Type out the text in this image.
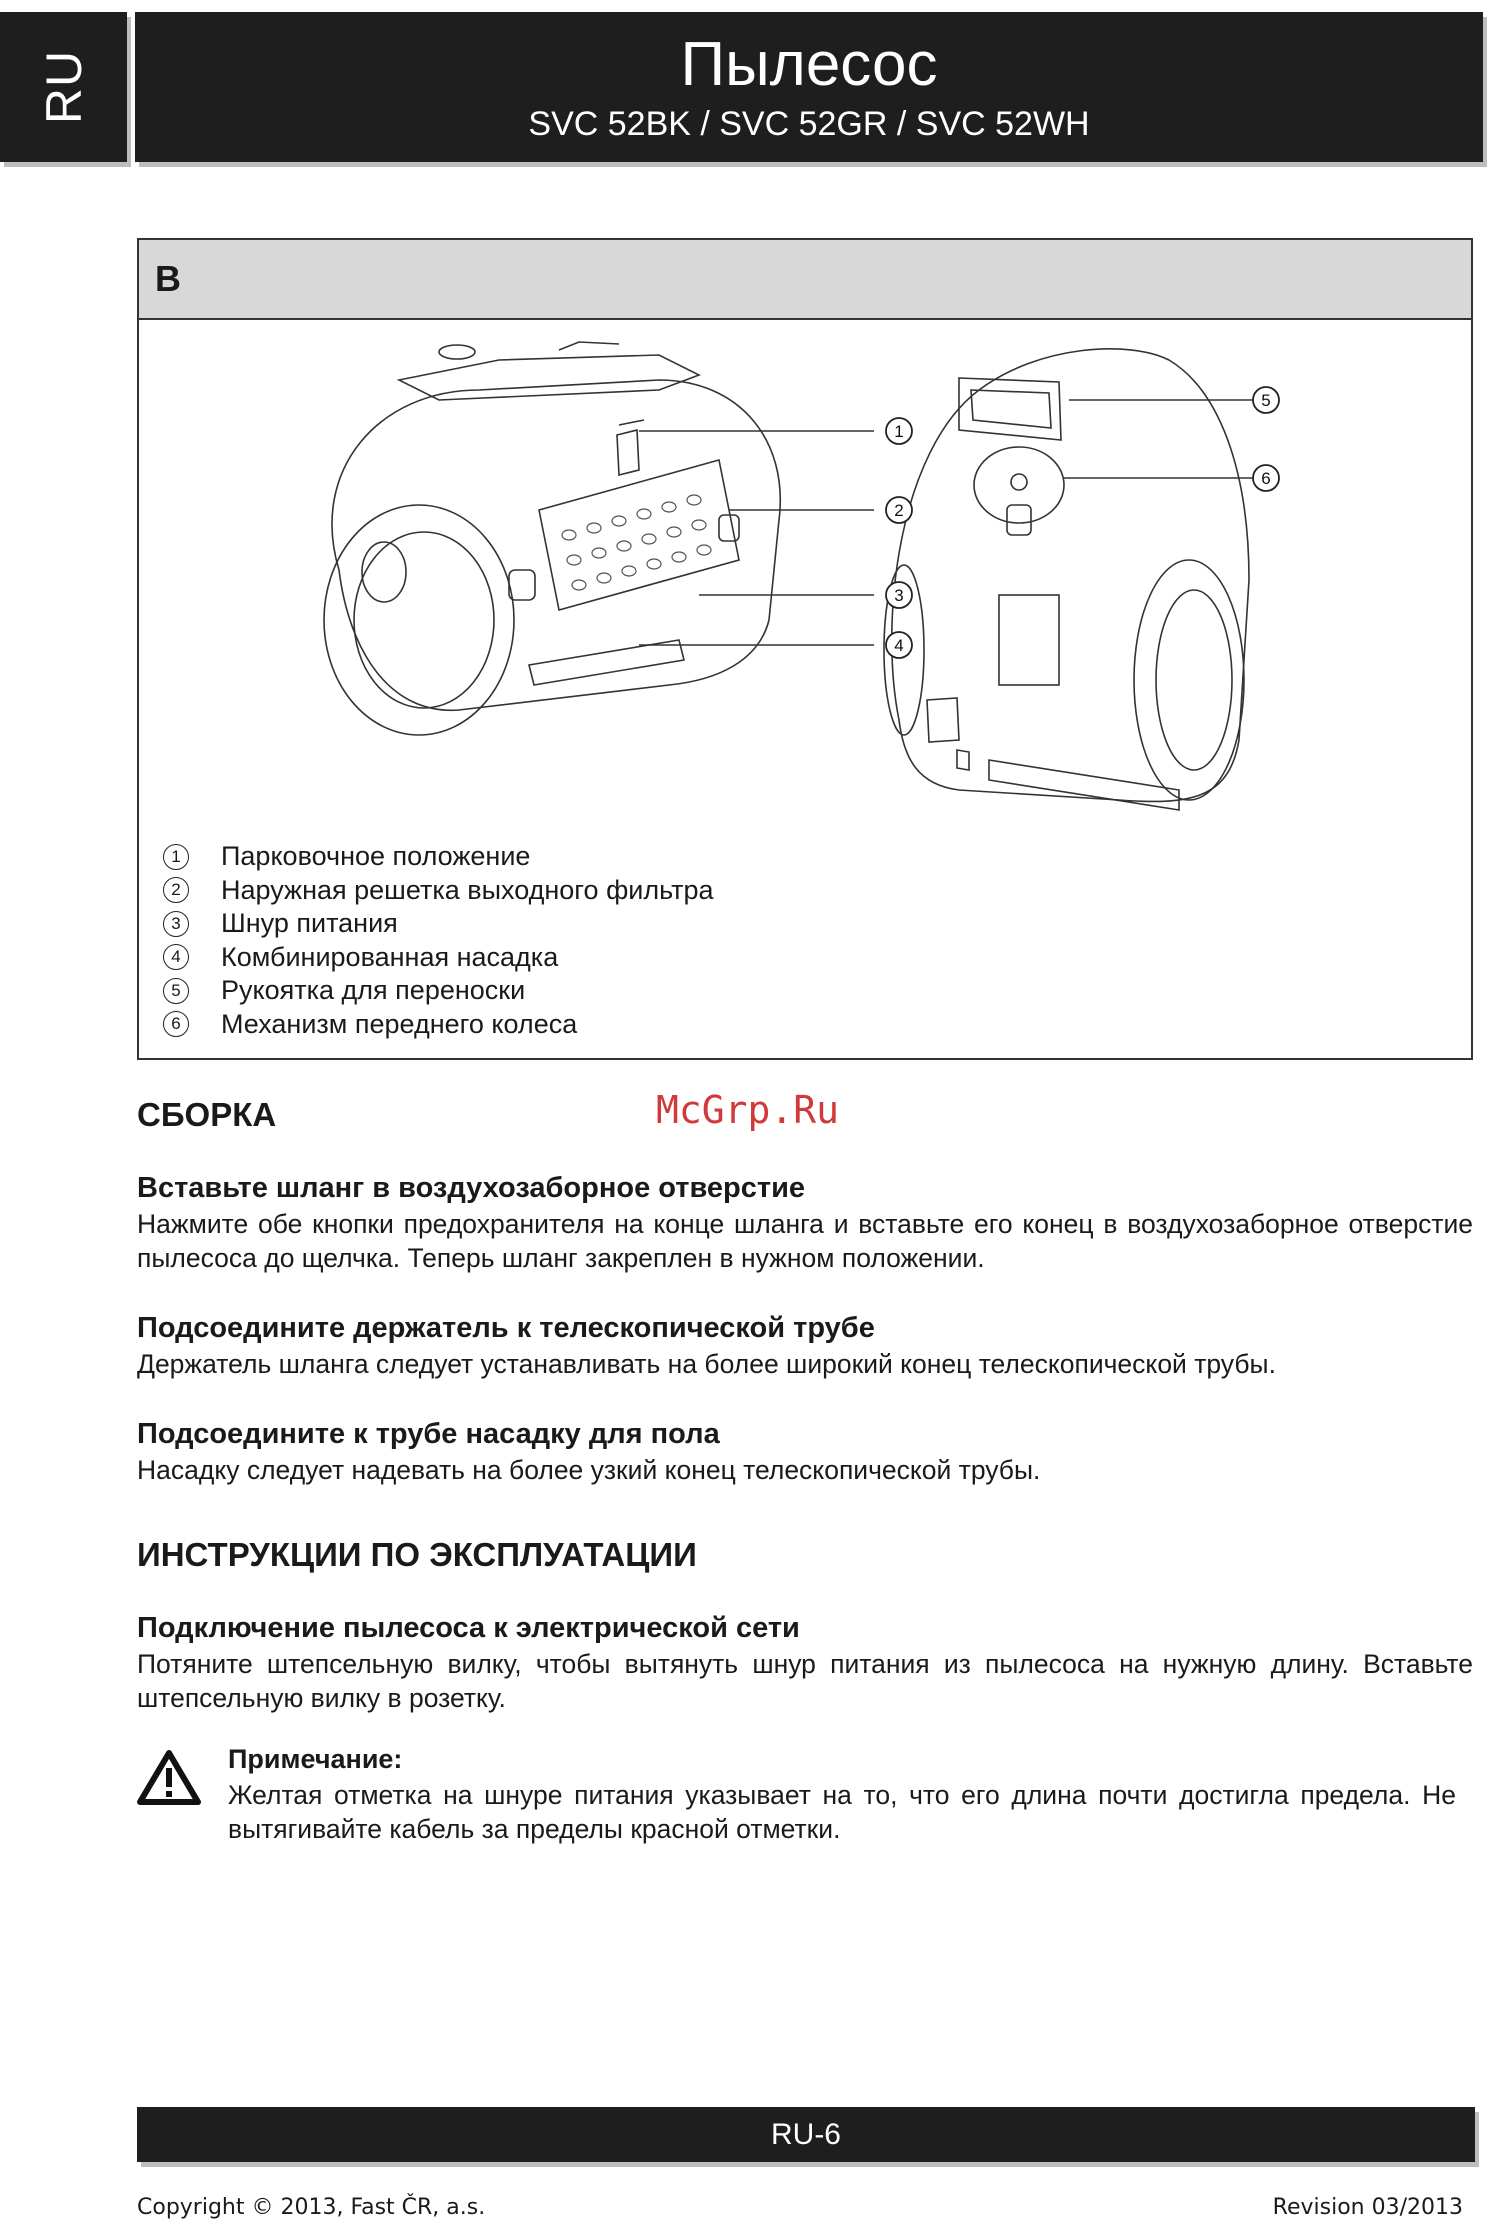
RU	Пылесос
SVC 52BK / SVC 52GR / SVC 52WH
B
1
2
3
4
5
6
1	Парковочное положение
2	Наружная решетка выходного фильтра
3	Шнур питания
4	Комбинированная насадка
5	Рукоятка для переноски
6	Механизм переднего колеса
McGrp.Ru
СБОРКА
Вставьте шланг в воздухозаборное отверстие
Нажмите обе кнопки предохранителя на конце шланга и вставьте его конец в воздухозаборное отверстие пылесоса до щелчка. Теперь шланг закреплен в нужном положении.
Подсоедините держатель к телескопической трубе
Держатель шланга следует устанавливать на более широкий конец телескопической трубы.
Подсоедините к трубе насадку для пола
Насадку следует надевать на более узкий конец телескопической трубы.
ИНСТРУКЦИИ ПО ЭКСПЛУАТАЦИИ
Подключение пылесоса к электрической сети
Потяните штепсельную вилку, чтобы вытянуть шнур питания из пылесоса на нужную длину. Вставьте штепсельную вилку в розетку.
Примечание:
Желтая отметка на шнуре питания указывает на то, что его длина почти достигла предела. Не вытягивайте кабель за пределы красной отметки.
RU-6
Copyright © 2013, Fast ČR, a.s.	Revision 03/2013
